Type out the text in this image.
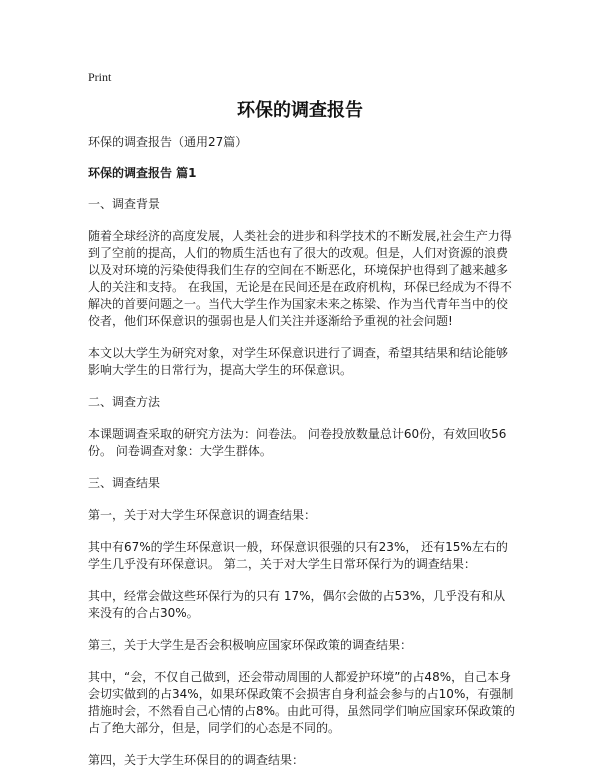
Print
环保的调查报告

环保的调查报告（通用27篇）

环保的调查报告 篇1

一、调查背景

随着全球经济的高度发展，人类社会的进步和科学技术的不断发展,社会生产力得到了空前的提高，人们的物质生活也有了很大的改观。但是，人们对资源的浪费以及对环境的污染使得我们生存的空间在不断恶化，环境保护也得到了越来越多人的关注和支持。 在我国，无论是在民间还是在政府机构，环保已经成为不得不解决的首要问题之一。当代大学生作为国家未来之栋梁、作为当代青年当中的佼佼者，他们环保意识的强弱也是人们关注并逐渐给予重视的社会问题!

本文以大学生为研究对象，对学生环保意识进行了调查，希望其结果和结论能够影响大学生的日常行为，提高大学生的环保意识。

二、调查方法

本课题调查采取的研究方法为：问卷法。 问卷投放数量总计60份，有效回收56份。 问卷调查对象：大学生群体。

三、调查结果

第一，关于对大学生环保意识的调查结果：

其中有67%的学生环保意识一般，环保意识很强的只有23%， 还有15%左右的学生几乎没有环保意识。 第二，关于对大学生日常环保行为的调查结果：

其中，经常会做这些环保行为的只有 17%，偶尔会做的占53%，几乎没有和从来没有的合占30%。

第三，关于大学生是否会积极响应国家环保政策的调查结果：

其中，“会，不仅自己做到，还会带动周围的人都爱护环境”的占48%，自己本身会切实做到的占34%，如果环保政策不会损害自身利益会参与的占10%，有强制措施时会，不然看自己心情的占8%。由此可得，虽然同学们响应国家环保政策的占了绝大部分，但是，同学们的心态是不同的。

第四，关于大学生环保目的的调查结果：
